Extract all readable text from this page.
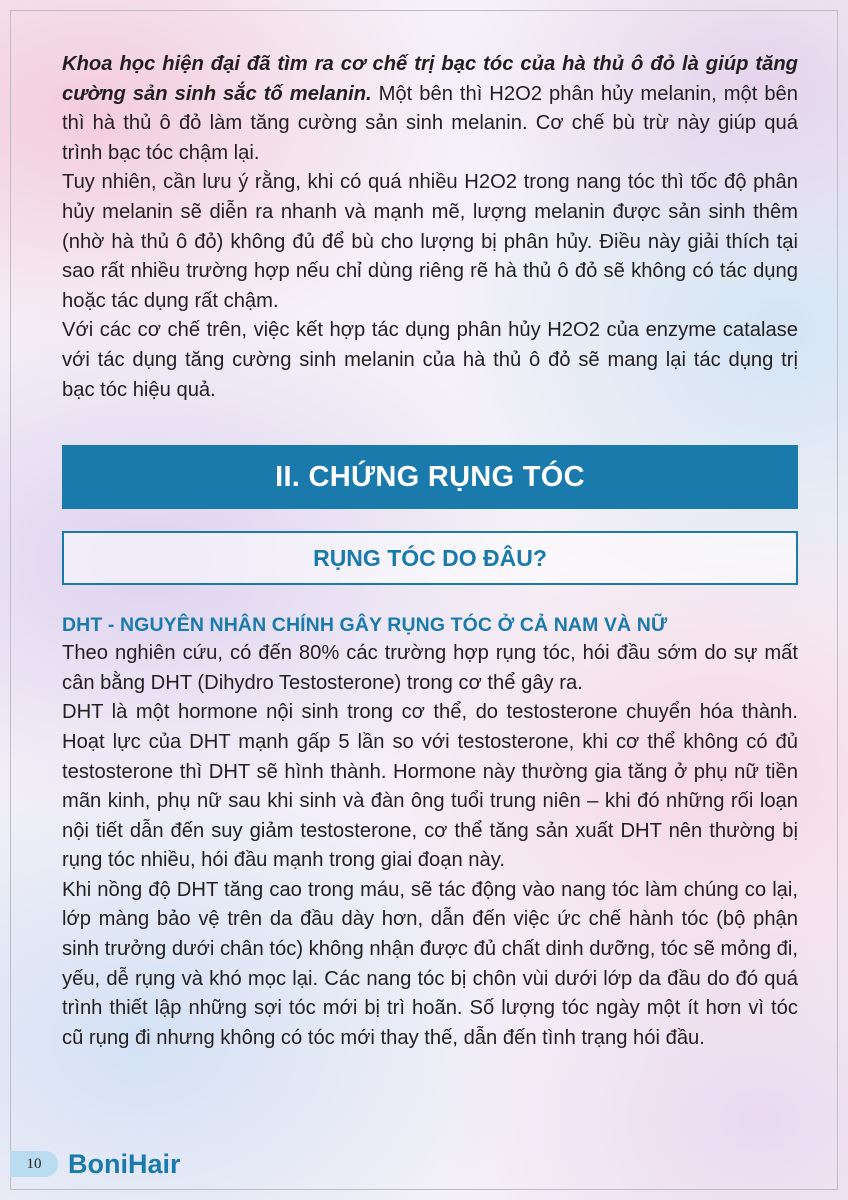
Khoa học hiện đại đã tìm ra cơ chế trị bạc tóc của hà thủ ô đỏ là giúp tăng cường sản sinh sắc tố melanin. Một bên thì H2O2 phân hủy melanin, một bên thì hà thủ ô đỏ làm tăng cường sản sinh melanin. Cơ chế bù trừ này giúp quá trình bạc tóc chậm lại.

Tuy nhiên, cần lưu ý rằng, khi có quá nhiều H2O2 trong nang tóc thì tốc độ phân hủy melanin sẽ diễn ra nhanh và mạnh mẽ, lượng melanin được sản sinh thêm (nhờ hà thủ ô đỏ) không đủ để bù cho lượng bị phân hủy. Điều này giải thích tại sao rất nhiều trường hợp nếu chỉ dùng riêng rẽ hà thủ ô đỏ sẽ không có tác dụng hoặc tác dụng rất chậm.

Với các cơ chế trên, việc kết hợp tác dụng phân hủy H2O2 của enzyme catalase với tác dụng tăng cường sinh melanin của hà thủ ô đỏ sẽ mang lại tác dụng trị bạc tóc hiệu quả.

II. CHỨNG RỤNG TÓC
RỤNG TÓC DO ĐÂU?
DHT - NGUYÊN NHÂN CHÍNH GÂY RỤNG TÓC Ở CẢ NAM VÀ NỮ

Theo nghiên cứu, có đến 80% các trường hợp rụng tóc, hói đầu sớm do sự mất cân bằng DHT (Dihydro Testosterone) trong cơ thể gây ra.

DHT là một hormone nội sinh trong cơ thể, do testosterone chuyển hóa thành. Hoạt lực của DHT mạnh gấp 5 lần so với testosterone, khi cơ thể không có đủ testosterone thì DHT sẽ hình thành. Hormone này thường gia tăng ở phụ nữ tiền mãn kinh, phụ nữ sau khi sinh và đàn ông tuổi trung niên – khi đó những rối loạn nội tiết dẫn đến suy giảm testosterone, cơ thể tăng sản xuất DHT nên thường bị rụng tóc nhiều, hói đầu mạnh trong giai đoạn này.

Khi nồng độ DHT tăng cao trong máu, sẽ tác động vào nang tóc làm chúng co lại, lớp màng bảo vệ trên da đầu dày hơn, dẫn đến việc ức chế hành tóc (bộ phận sinh trưởng dưới chân tóc) không nhận được đủ chất dinh dưỡng, tóc sẽ mỏng đi, yếu, dễ rụng và khó mọc lại. Các nang tóc bị chôn vùi dưới lớp da đầu do đó quá trình thiết lập những sợi tóc mới bị trì hoãn. Số lượng tóc ngày một ít hơn vì tóc cũ rụng đi nhưng không có tóc mới thay thế, dẫn đến tình trạng hói đầu.

10 BoniHair
